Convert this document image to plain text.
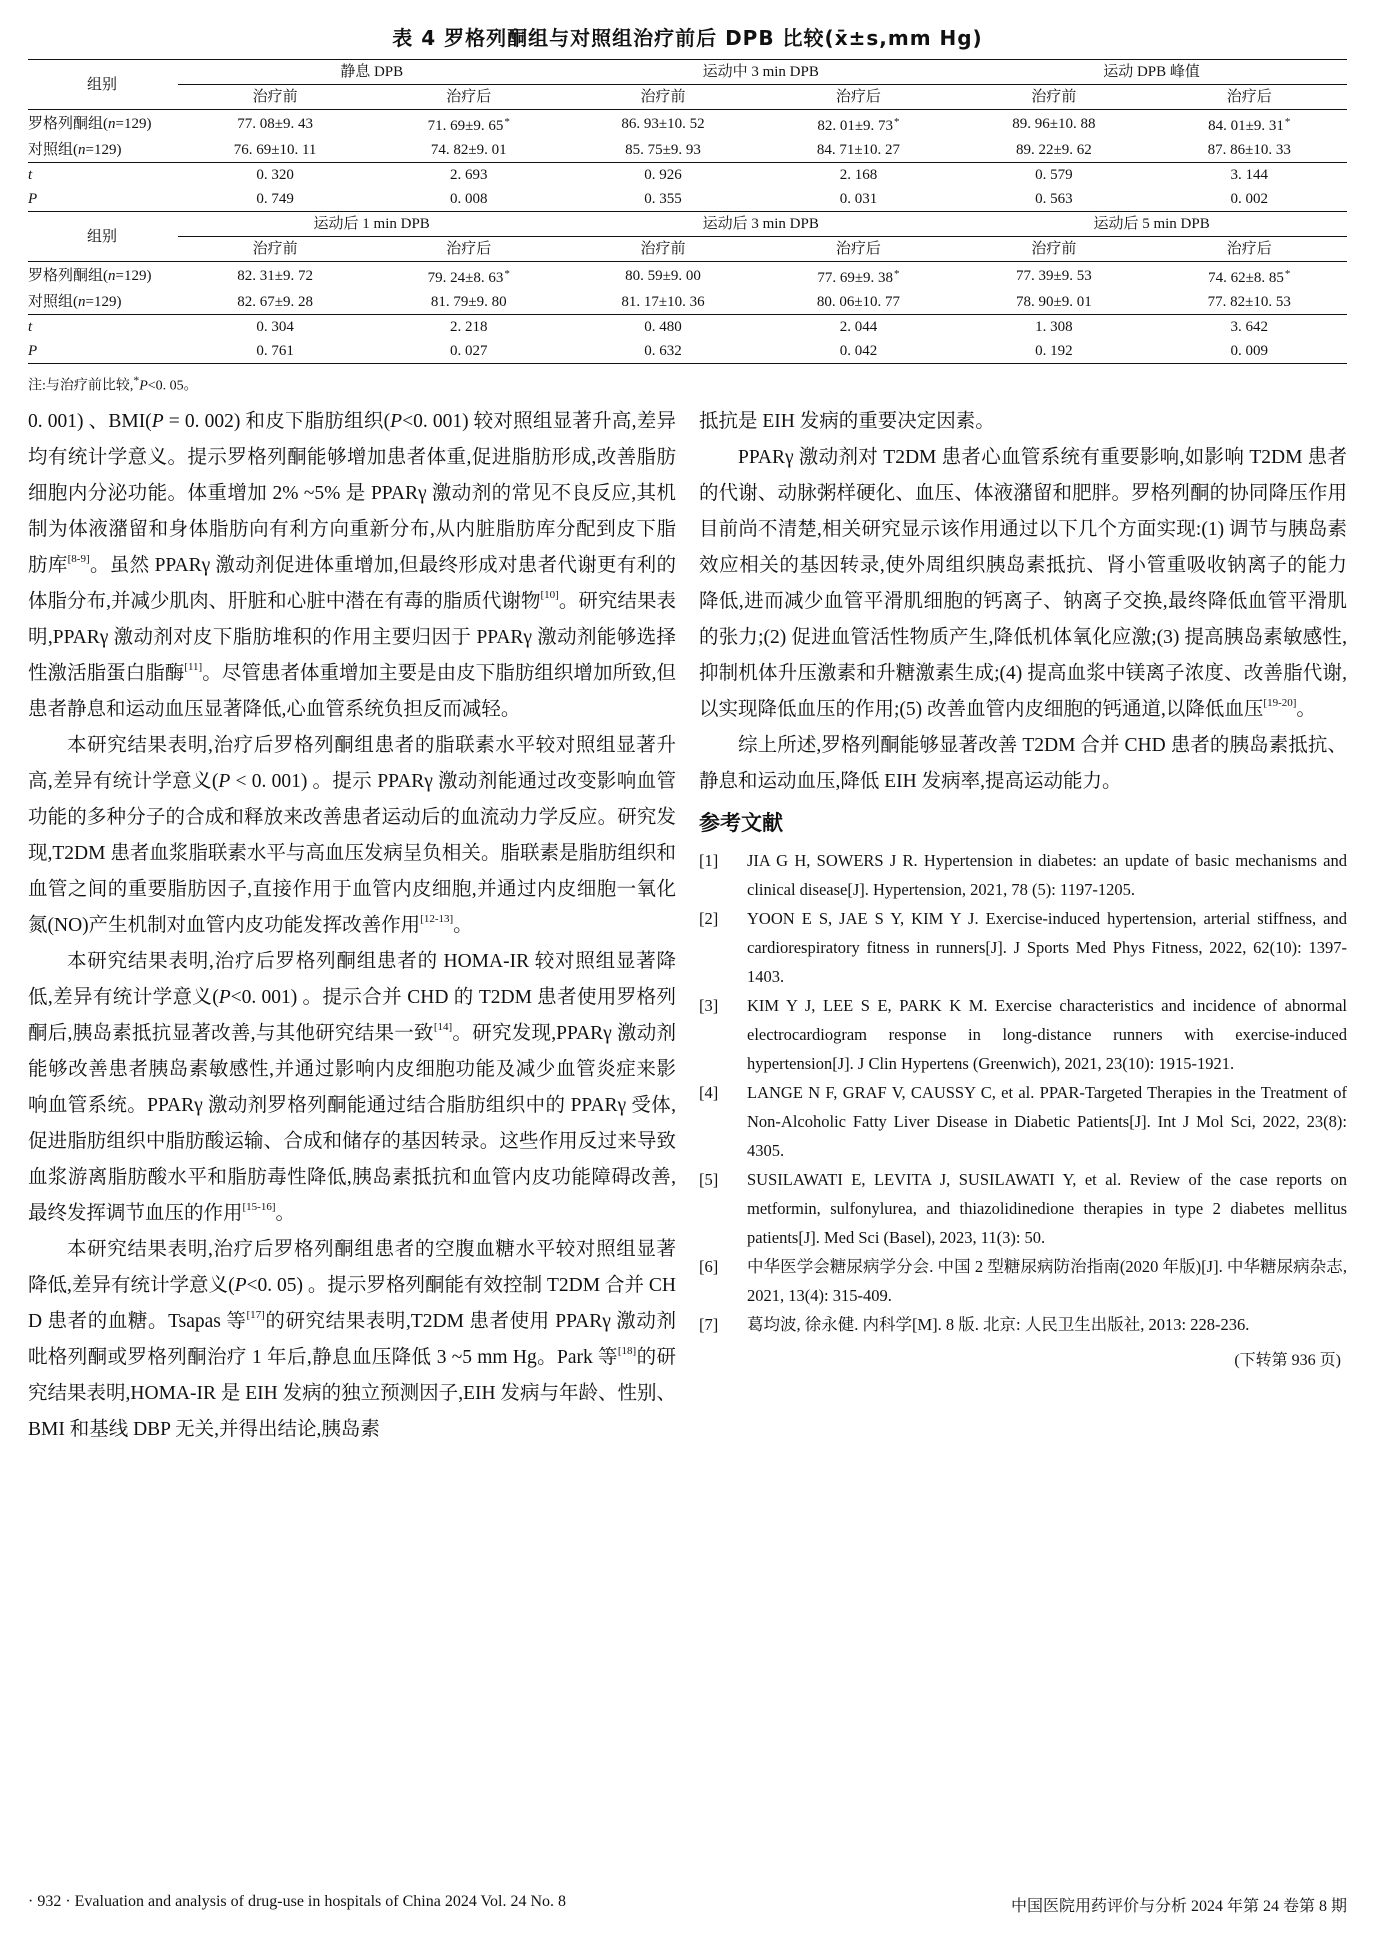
表 4 罗格列酮组与对照组治疗前后 DPB 比较(x̄±s,mm Hg)
组别	静息 DPB		运动中 3 min DPB		运动 DPB 峰值	
	治疗前	治疗后	治疗前	治疗后	治疗前	治疗后
罗格列酮组(n=129)	77. 08±9. 43	71. 69±9. 65*	86. 93±10. 52	82. 01±9. 73*	89. 96±10. 88	84. 01±9. 31*
对照组(n=129)	76. 69±10. 11	74. 82±9. 01	85. 75±9. 93	84. 71±10. 27	89. 22±9. 62	87. 86±10. 33
t	0. 320	2. 693	0. 926	2. 168	0. 579	3. 144
P	0. 749	0. 008	0. 355	0. 031	0. 563	0. 002
组别	运动后 1 min DPB		运动后 3 min DPB		运动后 5 min DPB	
	治疗前	治疗后	治疗前	治疗后	治疗前	治疗后
罗格列酮组(n=129)	82. 31±9. 72	79. 24±8. 63*	80. 59±9. 00	77. 69±9. 38*	77. 39±9. 53	74. 62±8. 85*
对照组(n=129)	82. 67±9. 28	81. 79±9. 80	81. 17±10. 36	80. 06±10. 77	78. 90±9. 01	77. 82±10. 53
t	0. 304	2. 218	0. 480	2. 044	1. 308	3. 642
P	0. 761	0. 027	0. 632	0. 042	0. 192	0. 009
注:与治疗前比较,*P<0. 05。

0. 001) 、BMI(P = 0. 002) 和皮下脂肪组织(P<0. 001) 较对照组显著升高,差异均有统计学意义。提示罗格列酮能够增加患者体重,促进脂肪形成,改善脂肪细胞内分泌功能。体重增加 2% ~5% 是 PPARγ 激动剂的常见不良反应,其机制为体液潴留和身体脂肪向有利方向重新分布,从内脏脂肪库分配到皮下脂肪库[8-9]。虽然 PPARγ 激动剂促进体重增加,但最终形成对患者代谢更有利的体脂分布,并减少肌肉、肝脏和心脏中潜在有毒的脂质代谢物[10]。研究结果表明,PPARγ 激动剂对皮下脂肪堆积的作用主要归因于 PPARγ 激动剂能够选择性激活脂蛋白脂酶[11]。尽管患者体重增加主要是由皮下脂肪组织增加所致,但患者静息和运动血压显著降低,心血管系统负担反而减轻。

本研究结果表明,治疗后罗格列酮组患者的脂联素水平较对照组显著升高,差异有统计学意义(P < 0. 001) 。提示 PPARγ 激动剂能通过改变影响血管功能的多种分子的合成和释放来改善患者运动后的血流动力学反应。研究发现,T2DM 患者血浆脂联素水平与高血压发病呈负相关。脂联素是脂肪组织和血管之间的重要脂肪因子,直接作用于血管内皮细胞,并通过内皮细胞一氧化氮(NO)产生机制对血管内皮功能发挥改善作用[12-13]。

本研究结果表明,治疗后罗格列酮组患者的 HOMA-IR 较对照组显著降低,差异有统计学意义(P<0. 001) 。提示合并 CHD 的 T2DM 患者使用罗格列酮后,胰岛素抵抗显著改善,与其他研究结果一致[14]。研究发现,PPARγ 激动剂能够改善患者胰岛素敏感性,并通过影响内皮细胞功能及减少血管炎症来影响血管系统。PPARγ 激动剂罗格列酮能通过结合脂肪组织中的 PPARγ 受体,促进脂肪组织中脂肪酸运输、合成和储存的基因转录。这些作用反过来导致血浆游离脂肪酸水平和脂肪毒性降低,胰岛素抵抗和血管内皮功能障碍改善,最终发挥调节血压的作用[15-16]。

本研究结果表明,治疗后罗格列酮组患者的空腹血糖水平较对照组显著降低,差异有统计学意义(P<0. 05) 。提示罗格列酮能有效控制 T2DM 合并 CHD 患者的血糖。Tsapas 等[17]的研究结果表明,T2DM 患者使用 PPARγ 激动剂吡格列酮或罗格列酮治疗 1 年后,静息血压降低 3 ~5 mm Hg。Park 等[18]的研究结果表明,HOMA-IR 是 EIH 发病的独立预测因子,EIH 发病与年龄、性别、BMI 和基线 DBP 无关,并得出结论,胰岛素

抵抗是 EIH 发病的重要决定因素。

PPARγ 激动剂对 T2DM 患者心血管系统有重要影响,如影响 T2DM 患者的代谢、动脉粥样硬化、血压、体液潴留和肥胖。罗格列酮的协同降压作用目前尚不清楚,相关研究显示该作用通过以下几个方面实现:(1) 调节与胰岛素效应相关的基因转录,使外周组织胰岛素抵抗、肾小管重吸收钠离子的能力降低,进而减少血管平滑肌细胞的钙离子、钠离子交换,最终降低血管平滑肌的张力;(2) 促进血管活性物质产生,降低机体氧化应激;(3) 提高胰岛素敏感性,抑制机体升压激素和升糖激素生成;(4) 提高血浆中镁离子浓度、改善脂代谢,以实现降低血压的作用;(5) 改善血管内皮细胞的钙通道,以降低血压[19-20]。

综上所述,罗格列酮能够显著改善 T2DM 合并 CHD 患者的胰岛素抵抗、静息和运动血压,降低 EIH 发病率,提高运动能力。

参考文献
[1]	JIA G H, SOWERS J R. Hypertension in diabetes: an update of basic mechanisms and clinical disease[J]. Hypertension, 2021, 78 (5): 1197-1205.
[2]	YOON E S, JAE S Y, KIM Y J. Exercise-induced hypertension, arterial stiffness, and cardiorespiratory fitness in runners[J]. J Sports Med Phys Fitness, 2022, 62(10): 1397-1403.
[3]	KIM Y J, LEE S E, PARK K M. Exercise characteristics and incidence of abnormal electrocardiogram response in long-distance runners with exercise-induced hypertension[J]. J Clin Hypertens (Greenwich), 2021, 23(10): 1915-1921.
[4]	LANGE N F, GRAF V, CAUSSY C, et al. PPAR-Targeted Therapies in the Treatment of Non-Alcoholic Fatty Liver Disease in Diabetic Patients[J]. Int J Mol Sci, 2022, 23(8): 4305.
[5]	SUSILAWATI E, LEVITA J, SUSILAWATI Y, et al. Review of the case reports on metformin, sulfonylurea, and thiazolidinedione therapies in type 2 diabetes mellitus patients[J]. Med Sci (Basel), 2023, 11(3): 50.
[6]	中华医学会糖尿病学分会. 中国 2 型糖尿病防治指南(2020 年版)[J]. 中华糖尿病杂志, 2021, 13(4): 315-409.
[7]	葛均波, 徐永健. 内科学[M]. 8 版. 北京: 人民卫生出版社, 2013: 228-236.
(下转第 936 页)
· 932 · Evaluation and analysis of drug-use in hospitals of China 2024 Vol. 24 No. 8	中国医院用药评价与分析 2024 年第 24 卷第 8 期
